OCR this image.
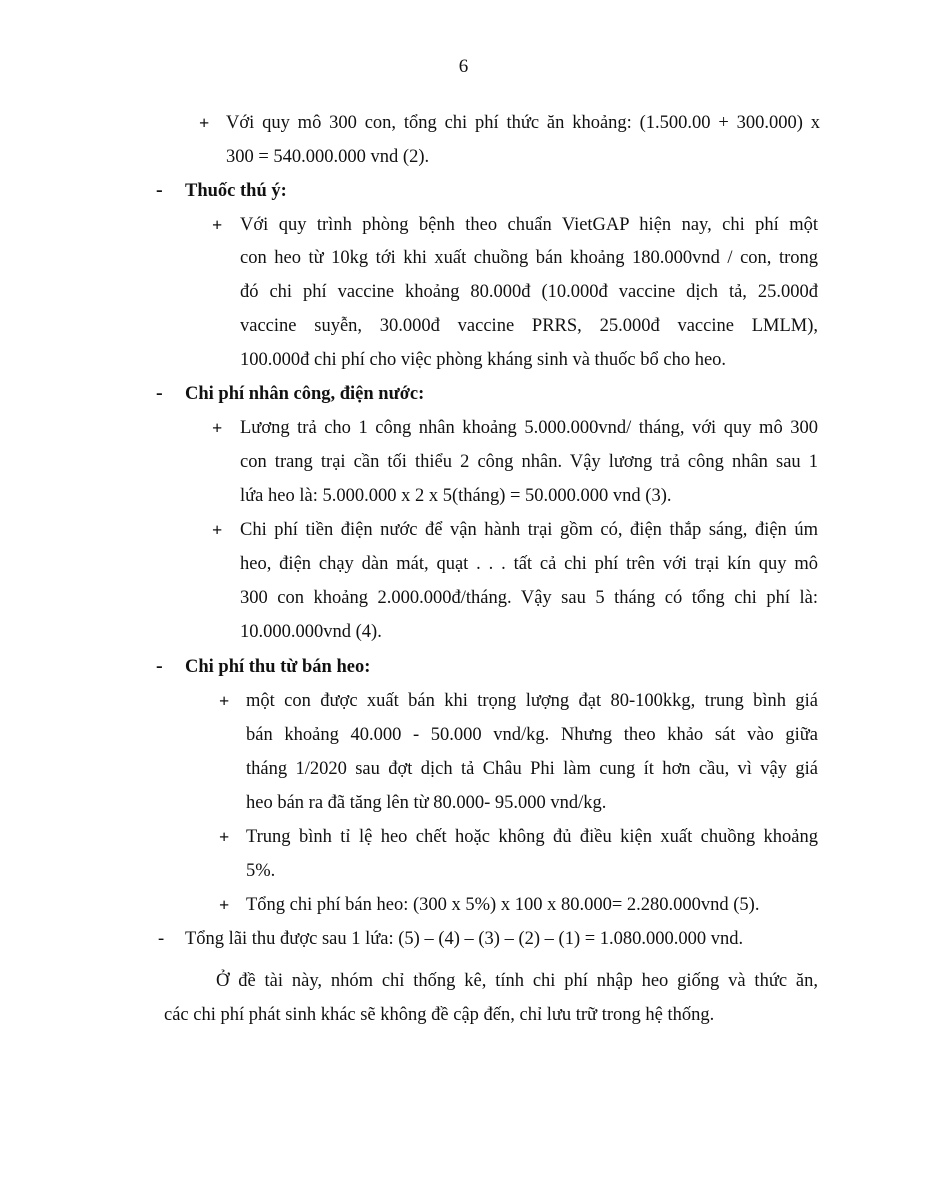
6
+ Với quy mô 300 con, tổng chi phí thức ăn khoảng: (1.500.00 + 300.000) x
300 = 540.000.000 vnd (2).
- Thuốc thú ý:
+ Với quy trình phòng bệnh theo chuẩn VietGAP hiện nay, chi phí một
con heo từ 10kg tới khi xuất chuồng bán khoảng 180.000vnd / con, trong
đó chi phí vaccine khoảng 80.000đ (10.000đ vaccine dịch tả, 25.000đ
vaccine suyễn, 30.000đ vaccine PRRS, 25.000đ vaccine LMLM),
100.000đ chi phí cho việc phòng kháng sinh và thuốc bổ cho heo.
- Chi phí nhân công, điện nước:
+ Lương trả cho 1 công nhân khoảng 5.000.000vnd/ tháng, với quy mô 300
con trang trại cần tối thiểu 2 công nhân. Vậy lương trả công nhân sau 1
lứa heo là: 5.000.000 x 2 x 5(tháng) = 50.000.000 vnd (3).
+ Chi phí tiền điện nước để vận hành trại gồm có, điện thắp sáng, điện úm
heo, điện chạy dàn mát, quạt . . . tất cả chi phí trên với trại kín quy mô
300 con khoảng 2.000.000đ/tháng. Vậy sau 5 tháng có tổng chi phí là:
10.000.000vnd (4).
- Chi phí thu từ bán heo:
+ một con được xuất bán khi trọng lượng đạt 80-100kkg, trung bình giá
bán khoảng 40.000 - 50.000 vnd/kg. Nhưng theo khảo sát vào giữa
tháng 1/2020 sau đợt dịch tả Châu Phi làm cung ít hơn cầu, vì vậy giá
heo bán ra đã tăng lên từ 80.000- 95.000 vnd/kg.
+ Trung bình tỉ lệ heo chết hoặc không đủ điều kiện xuất chuồng khoảng
5%.
+ Tổng chi phí bán heo: (300 x 5%) x 100 x 80.000= 2.280.000vnd (5).
- Tổng lãi thu được sau 1 lứa: (5) – (4) – (3) – (2) – (1) = 1.080.000.000 vnd.
Ở đề tài này, nhóm chỉ thống kê, tính chi phí nhập heo giống và thức ăn,
các chi phí phát sinh khác sẽ không đề cập đến, chỉ lưu trữ trong hệ thống.
